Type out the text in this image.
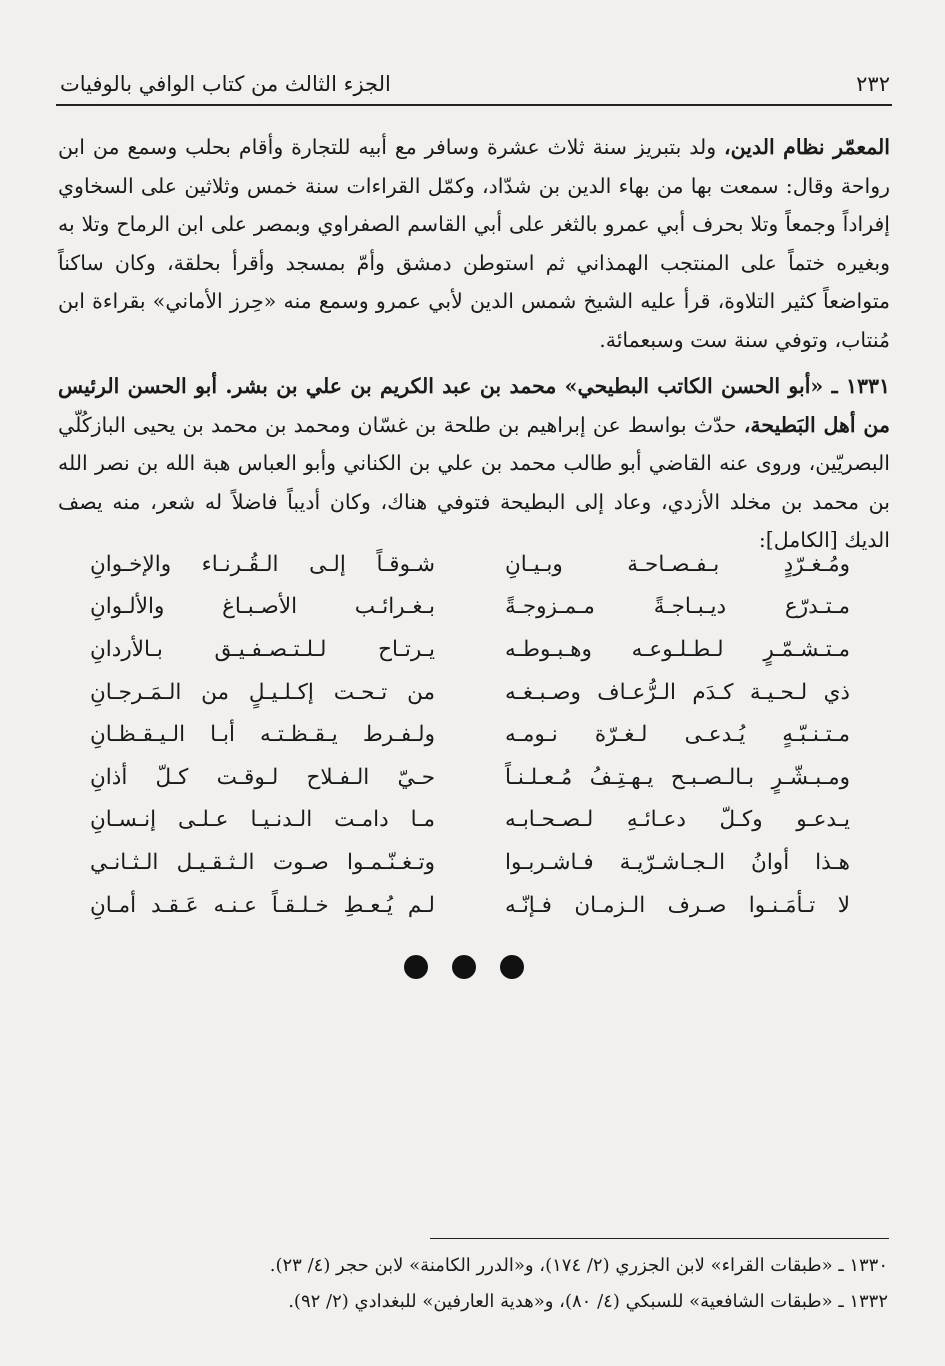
٢٣٢
الجزء الثالث من كتاب الوافي بالوفيات

المعمّر نظام الدين، ولد بتبريز سنة ثلاث عشرة وسافر مع أبيه للتجارة وأقام بحلب وسمع من ابن رواحة وقال: سمعت بها من بهاء الدين بن شدّاد، وكمّل القراءات سنة خمس وثلاثين على السخاوي إفراداً وجمعاً وتلا بحرف أبي عمرو بالثغر على أبي القاسم الصفراوي وبمصر على ابن الرماح وتلا به وبغيره ختماً على المنتجب الهمذاني ثم استوطن دمشق وأمّ بمسجد وأقرأ بحلقة، وكان ساكناً متواضعاً كثير التلاوة، قرأ عليه الشيخ شمس الدين لأبي عمرو وسمع منه «حِرز الأماني» بقراءة ابن مُنتاب، وتوفي سنة ست وسبعمائة.

١٣٣١ ـ «أبو الحسن الكاتب البطيحي» محمد بن عبد الكريم بن علي بن بشر. أبو الحسن الرئيس من أهل البَطيحة، حدّث بواسط عن إبراهيم بن طلحة بن غسّان ومحمد بن محمد بن يحيى البازكُلّي البصريّين، وروى عنه القاضي أبو طالب محمد بن علي بن الكناني وأبو العباس هبة الله بن نصر الله بن محمد بن مخلد الأزدي، وعاد إلى البطيحة فتوفي هناك، وكان أديباً فاضلاً له شعر، منه يصف الديك [الكامل]:

ومُـغـرّدٍ بـفـصـاحـة وبـيـانِ
شـوقـاً إلـى الـقُـرنـاء والإخـوانِ
مـتـدرّع ديـبـاجـةً مـمـزوجـةً
بـغـرائـب الأصـبـاغ والألـوانِ
مـتـشـمّـرٍ لـطـلـوعـه وهـبـوطـه
يـرتـاح لـلـتـصـفـيـق بـالأردانِ
ذي لـحـيـة كـدَم الـرُّعـاف وصـبـغـه
من تـحـت إكـلـيـلٍ من الـمَـرجـانِ
مـتـنـبّـهٍ يُـدعـى لـغـرّة نـومـه
ولـفـرط يـقـظـتـه أبـا الـيـقـظـانِ
ومـبـشّـرٍ بـالـصـبـح يـهـتِـفُ مُـعـلـنـاً
حـيّ الـفـلاح لـوقـت كـلّ أذانِ
يـدعـو وكـلّ دعـائـهِ لـصـحـابـه
مـا دامـت الـدنـيـا عـلـى إنـسـانِ
هـذا أوانُ الـجـاشـرّيـة فـاشـربـوا
وتـغـنّـمـوا صـوت الـثـقـيـل الـثـانـي
لا تـأمَـنـوا صـرف الـزمـان فـإنّـه
لـم يُـعـطِ خـلـقـاً عـنـه عَـقـد أمـانِ

١٣٣٠ ـ «طبقات القراء» لابن الجزري (٢/ ١٧٤)، و«الدرر الكامنة» لابن حجر (٤/ ٢٣).

١٣٣٢ ـ «طبقات الشافعية» للسبكي (٤/ ٨٠)، و«هدية العارفين» للبغدادي (٢/ ٩٢).
